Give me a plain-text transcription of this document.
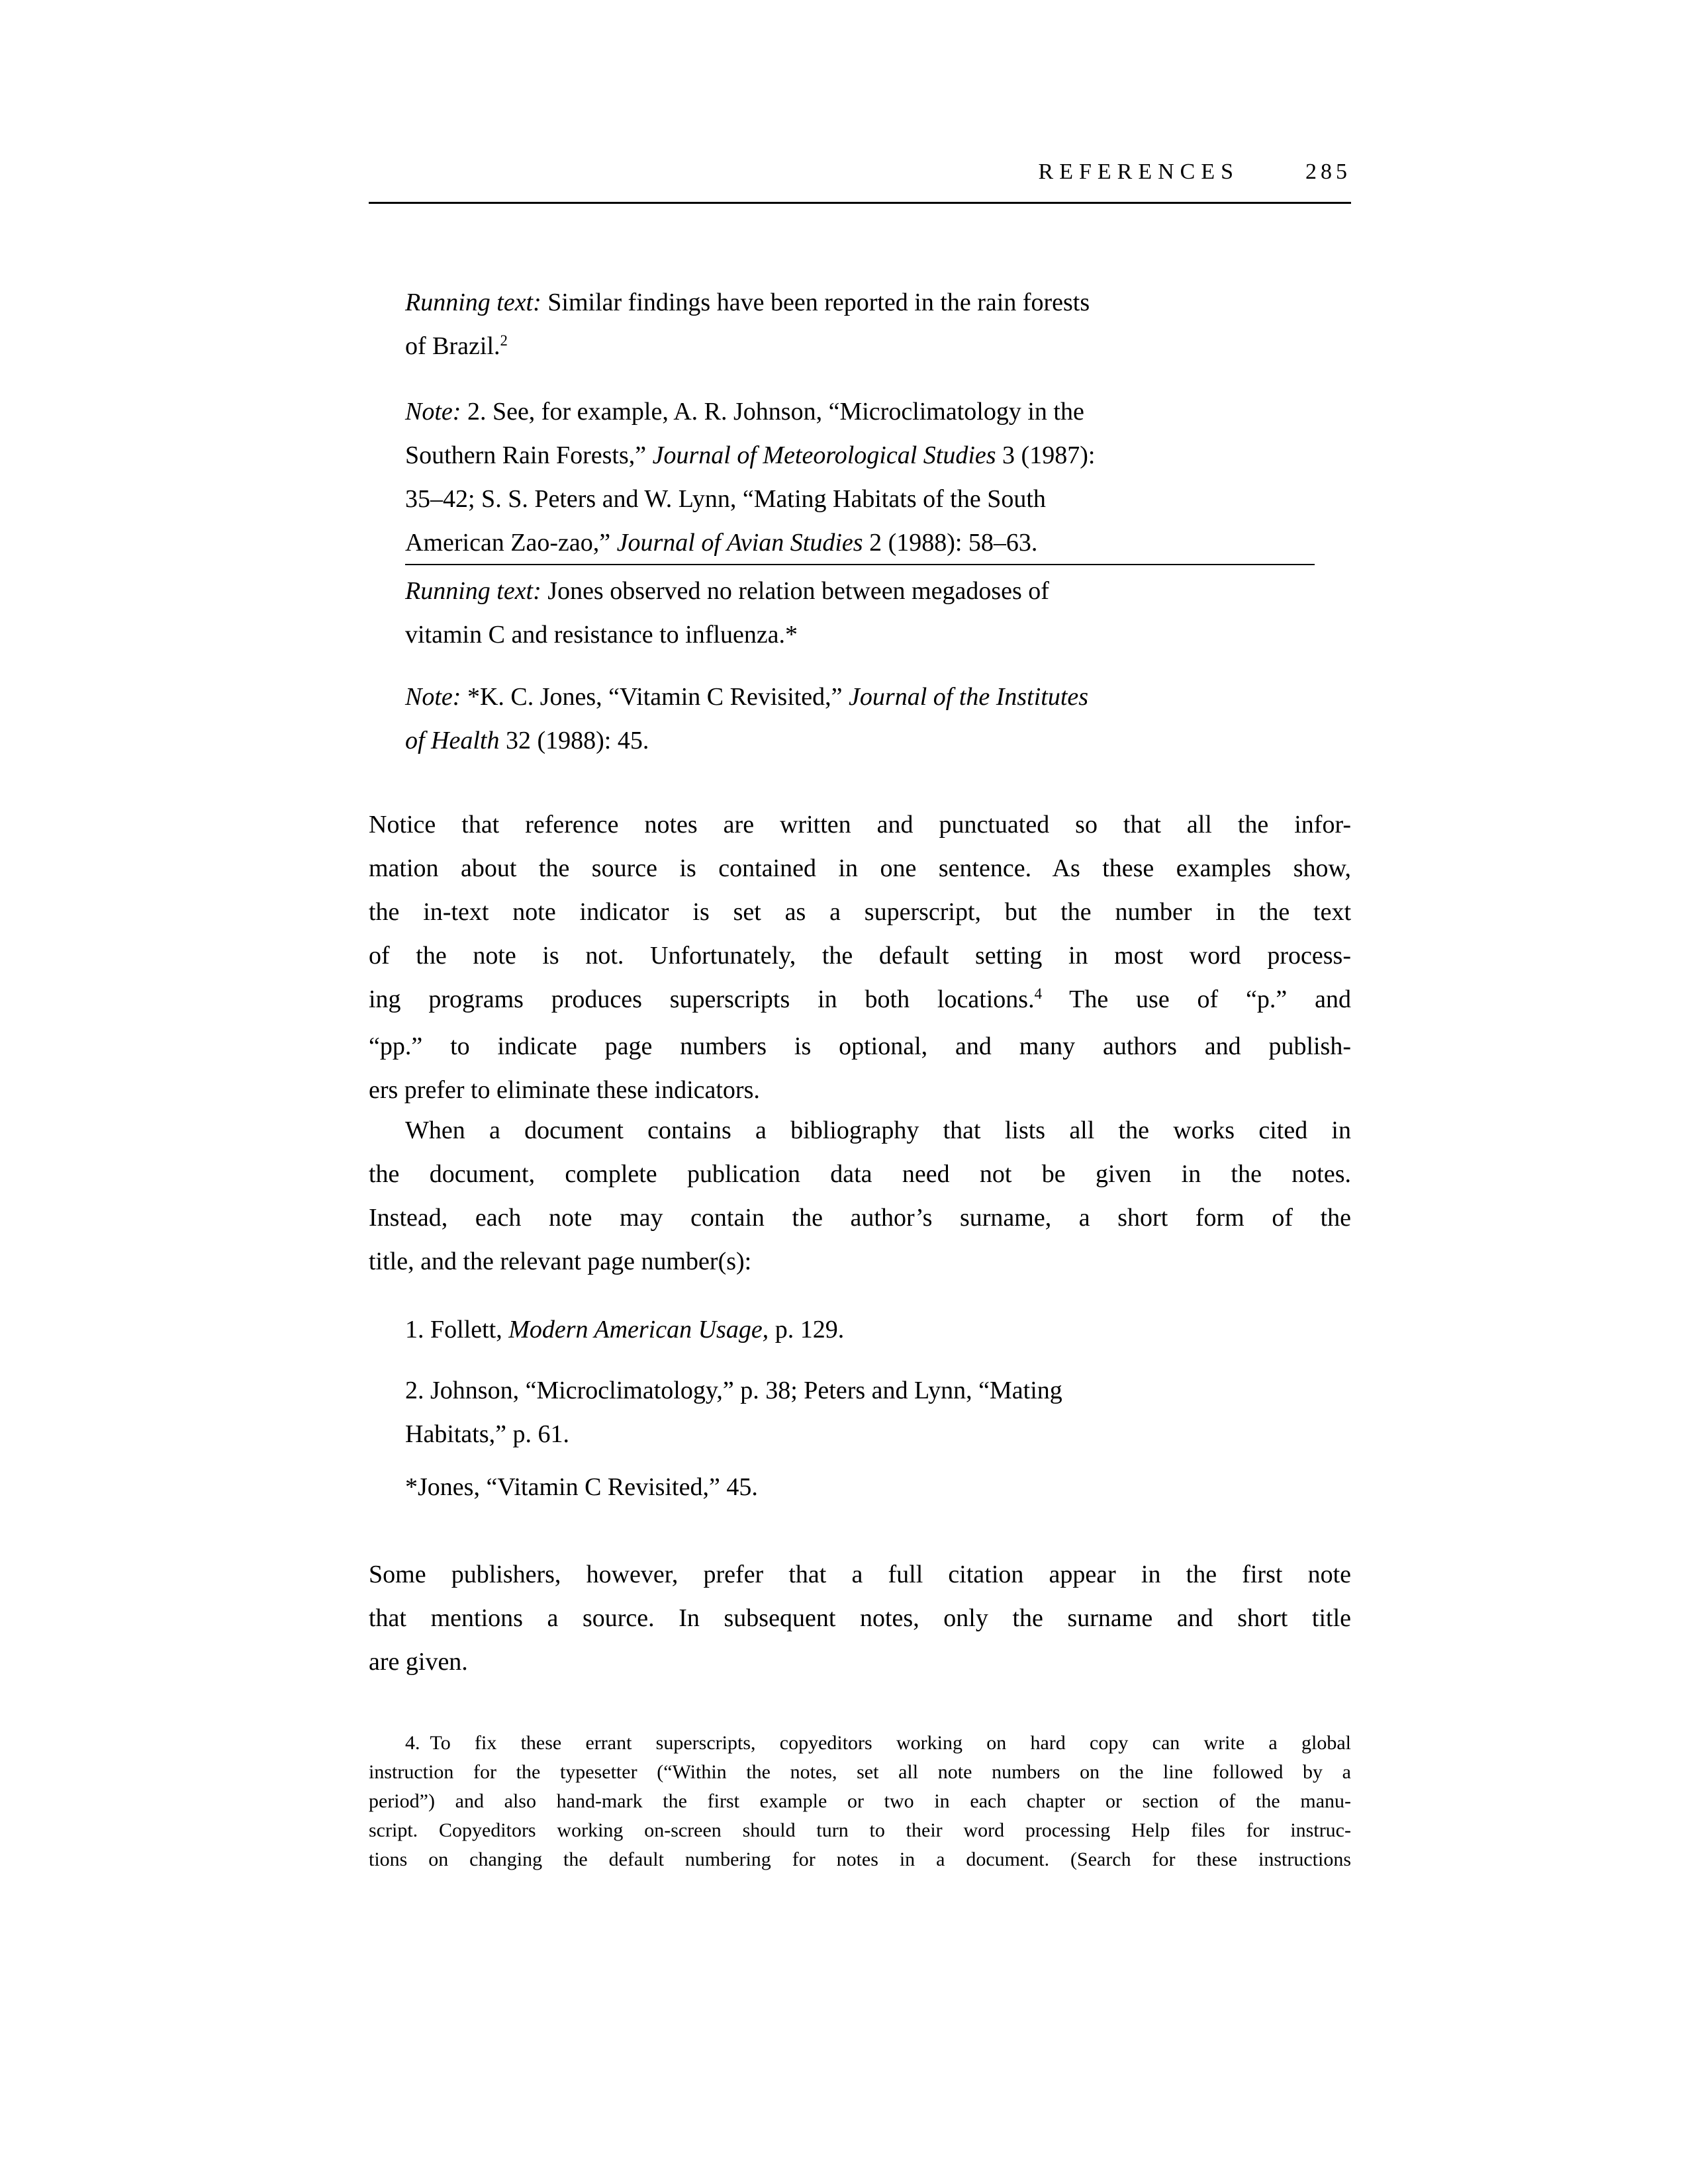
REFERENCES	285
Running text: Similar findings have been reported in the rain forests
of Brazil.$^2$
Note: 2. See, for example, A. R. Johnson, “Microclimatology in the
Southern Rain Forests,” Journal of Meteorological Studies 3 (1987):
35–42; S. S. Peters and W. Lynn, “Mating Habitats of the South
American Zao-zao,” Journal of Avian Studies 2 (1988): 58–63.
Running text: Jones observed no relation between megadoses of
vitamin C and resistance to influenza.*
Note: *K. C. Jones, “Vitamin C Revisited,” Journal of the Institutes
of Health 32 (1988): 45.
Notice that reference notes are written and punctuated so that all the infor-
mation about the source is contained in one sentence. As these examples show,
the in-text note indicator is set as a superscript, but the number in the text
of the note is not. Unfortunately, the default setting in most word process-
ing programs produces superscripts in both locations.$^4$ The use of “p.” and
“pp.” to indicate page numbers is optional, and many authors and publish-
ers prefer to eliminate these indicators.
When a document contains a bibliography that lists all the works cited in
the document, complete publication data need not be given in the notes.
Instead, each note may contain the author’s surname, a short form of the
title, and the relevant page number(s):
1. Follett, Modern American Usage, p. 129.
2. Johnson, “Microclimatology,” p. 38; Peters and Lynn, “Mating
Habitats,” p. 61.
*Jones, “Vitamin C Revisited,” 45.
Some publishers, however, prefer that a full citation appear in the first note
that mentions a source. In subsequent notes, only the surname and short title
are given.
4. To fix these errant superscripts, copyeditors working on hard copy can write a global
instruction for the typesetter (“Within the notes, set all note numbers on the line followed by a
period”) and also hand-mark the first example or two in each chapter or section of the manu-
script. Copyeditors working on-screen should turn to their word processing Help files for instruc-
tions on changing the default numbering for notes in a document. (Search for these instructions
